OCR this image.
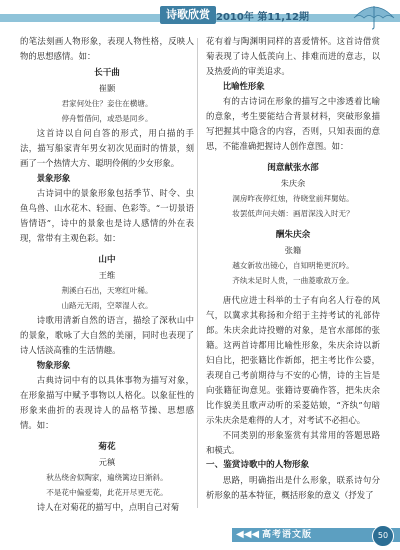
诗歌欣赏 2010年 第11,12期

的笔法刻画人物形象，表现人物性格，反映人物的思想感情。如：

长干曲
崔颢
君家何处住？妾住在横塘。
停舟暂借问，或恐是同乡。

这首诗以自问自答的形式，用白描的手法，描写船家青年男女初次见面时的情景，刻画了一个热情大方、聪明伶俐的少女形象。

景象形象

古诗词中的景象形象包括季节、时令、虫鱼鸟兽、山水花木、轻面、色彩等。“一切景语皆情语”，诗中的景象也是诗人感情的外在表现，常带有主观色彩。如：

山中
王维
荆溪白石出，天寒红叶稀。
山路元无雨，空翠湿人衣。

诗歌用清新自然的语言，描绘了深秋山中的景象，歌咏了大自然的美丽，同时也表现了诗人恬淡高雅的生活情趣。

物象形象

古典诗词中有的以具体事物为描写对象，在形象描写中赋予事物以人格化。以象征性的形象来曲折的表现诗人的品格节操、思想感情。如：

菊花
元稹
秋丛绕舍似陶家，遍绕篱边日渐斜。
不是花中偏爱菊，此花开尽更无花。

诗人在对菊花的描写中，点明自己对菊

花有着与陶渊明同样的喜爱情怀。这首诗借赏菊表现了诗人低羡向上、排难而进的意志，以及热爱尚的审美追求。

比喻性形象

有的古诗词在形象的描写之中渗透着比喻的意象，考生要能结合背景材料，突破形象描写把握其中隐含的内容，否则，只知表面的意思，不能准确把握诗人创作意图。如：

闺意献张水部
朱庆余
洞房昨夜停红烛，待晓堂前拜舅姑。
妆罢低声问夫婿：画眉深浅入时无？
酬朱庆余
张籍
越女新妆出镜心，自知明艳更沉吟。
齐纨未足时人贵，一曲菱歌敌万金。

唐代应进士科举的士子有向名人行卷的风气，以冀求其称扬和介绍于主持考试的礼部侍郎。朱庆余此诗投赠的对象，是官水部郎的张籍。这两首诗都用比喻性形象，朱庆余诗以新妇自比，把张籍比作新郎，把主考比作公婆，表现自己考前期待与不安的心情，诗的主旨是向张籍征询意见。张籍诗要确作答，把朱庆余比作貌美且歌声动听的采菱姑娘，“齐纨”句暗示朱庆余是难得的人才，对考试不必担心。

不同类别的形象鉴赏有其常用的答题思路和模式。

一、鉴赏诗歌中的人物形象

思路，明确指出是什么形象，联系诗句分析形象的基本特征，概括形象的意义（抒发了

◀◀◀ 高考语文版	50
